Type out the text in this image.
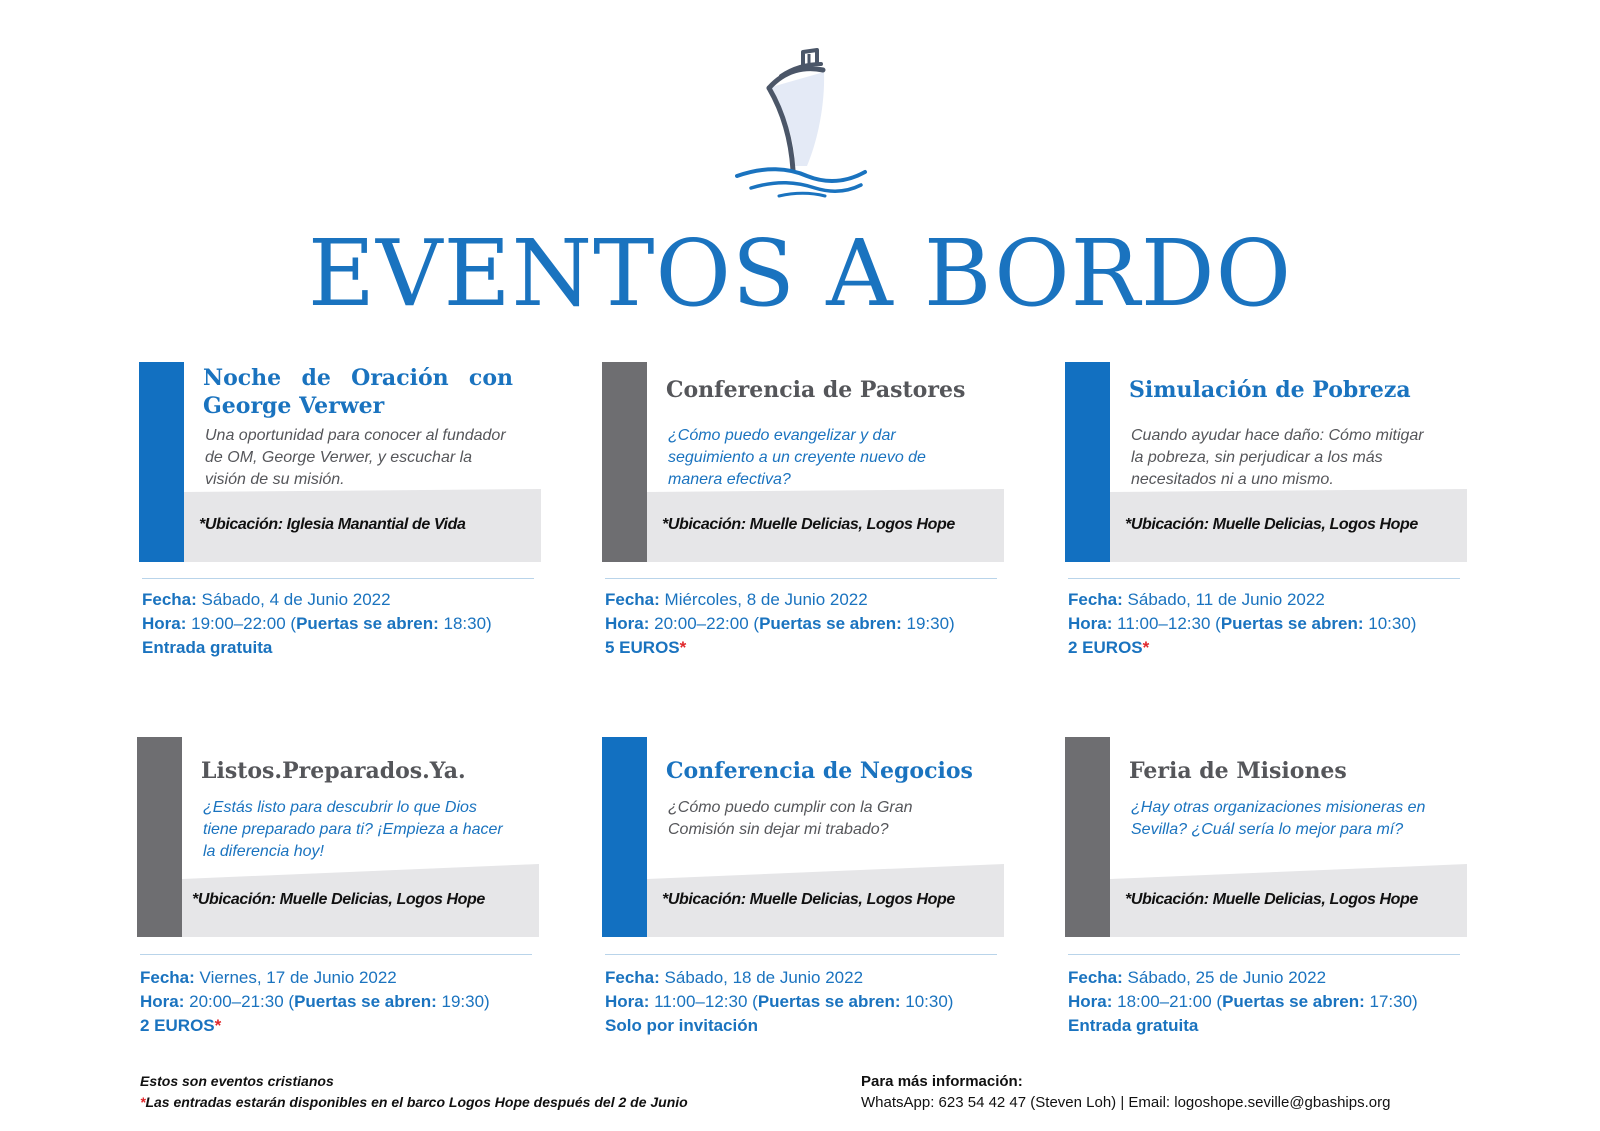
EVENTOS A BORDO
Noche de Oración con George Verwer

Una oportunidad para conocer al fundador de OM, George Verwer, y escuchar la visión de su misión.

*Ubicación: Iglesia Manantial de Vida
Conferencia de Pastores

¿Cómo puedo evangelizar y dar seguimiento a un creyente nuevo de manera efectiva?

*Ubicación: Muelle Delicias, Logos Hope
Simulación de Pobreza

Cuando ayudar hace daño: Cómo mitigar la pobreza, sin perjudicar a los más necesitados ni a uno mismo.

*Ubicación: Muelle Delicias, Logos Hope
Fecha: Sábado, 4 de Junio 2022
Hora: 19:00–22:00 (Puertas se abren: 18:30)
Entrada gratuita
Fecha: Miércoles, 8 de Junio 2022
Hora: 20:00–22:00 (Puertas se abren: 19:30)
5 EUROS*
Fecha: Sábado, 11 de Junio 2022
Hora: 11:00–12:30 (Puertas se abren: 10:30)
2 EUROS*
Listos.Preparados.Ya.

¿Estás listo para descubrir lo que Dios tiene preparado para ti? ¡Empieza a hacer la diferencia hoy!

*Ubicación: Muelle Delicias, Logos Hope
Conferencia de Negocios

¿Cómo puedo cumplir con la Gran Comisión sin dejar mi trabado?

*Ubicación: Muelle Delicias, Logos Hope
Feria de Misiones

¿Hay otras organizaciones misioneras en Sevilla? ¿Cuál sería lo mejor para mí?

*Ubicación: Muelle Delicias, Logos Hope
Fecha: Viernes, 17 de Junio 2022
Hora: 20:00–21:30 (Puertas se abren: 19:30)
2 EUROS*
Fecha: Sábado, 18 de Junio 2022
Hora: 11:00–12:30 (Puertas se abren: 10:30)
Solo por invitación
Fecha: Sábado, 25 de Junio 2022
Hora: 18:00–21:00 (Puertas se abren: 17:30)
Entrada gratuita
Estos son eventos cristianos
*Las entradas estarán disponibles en el barco Logos Hope después del 2 de Junio
Para más información:
WhatsApp: 623 54 42 47 (Steven Loh) | Email: logoshope.seville@gbaships.org
